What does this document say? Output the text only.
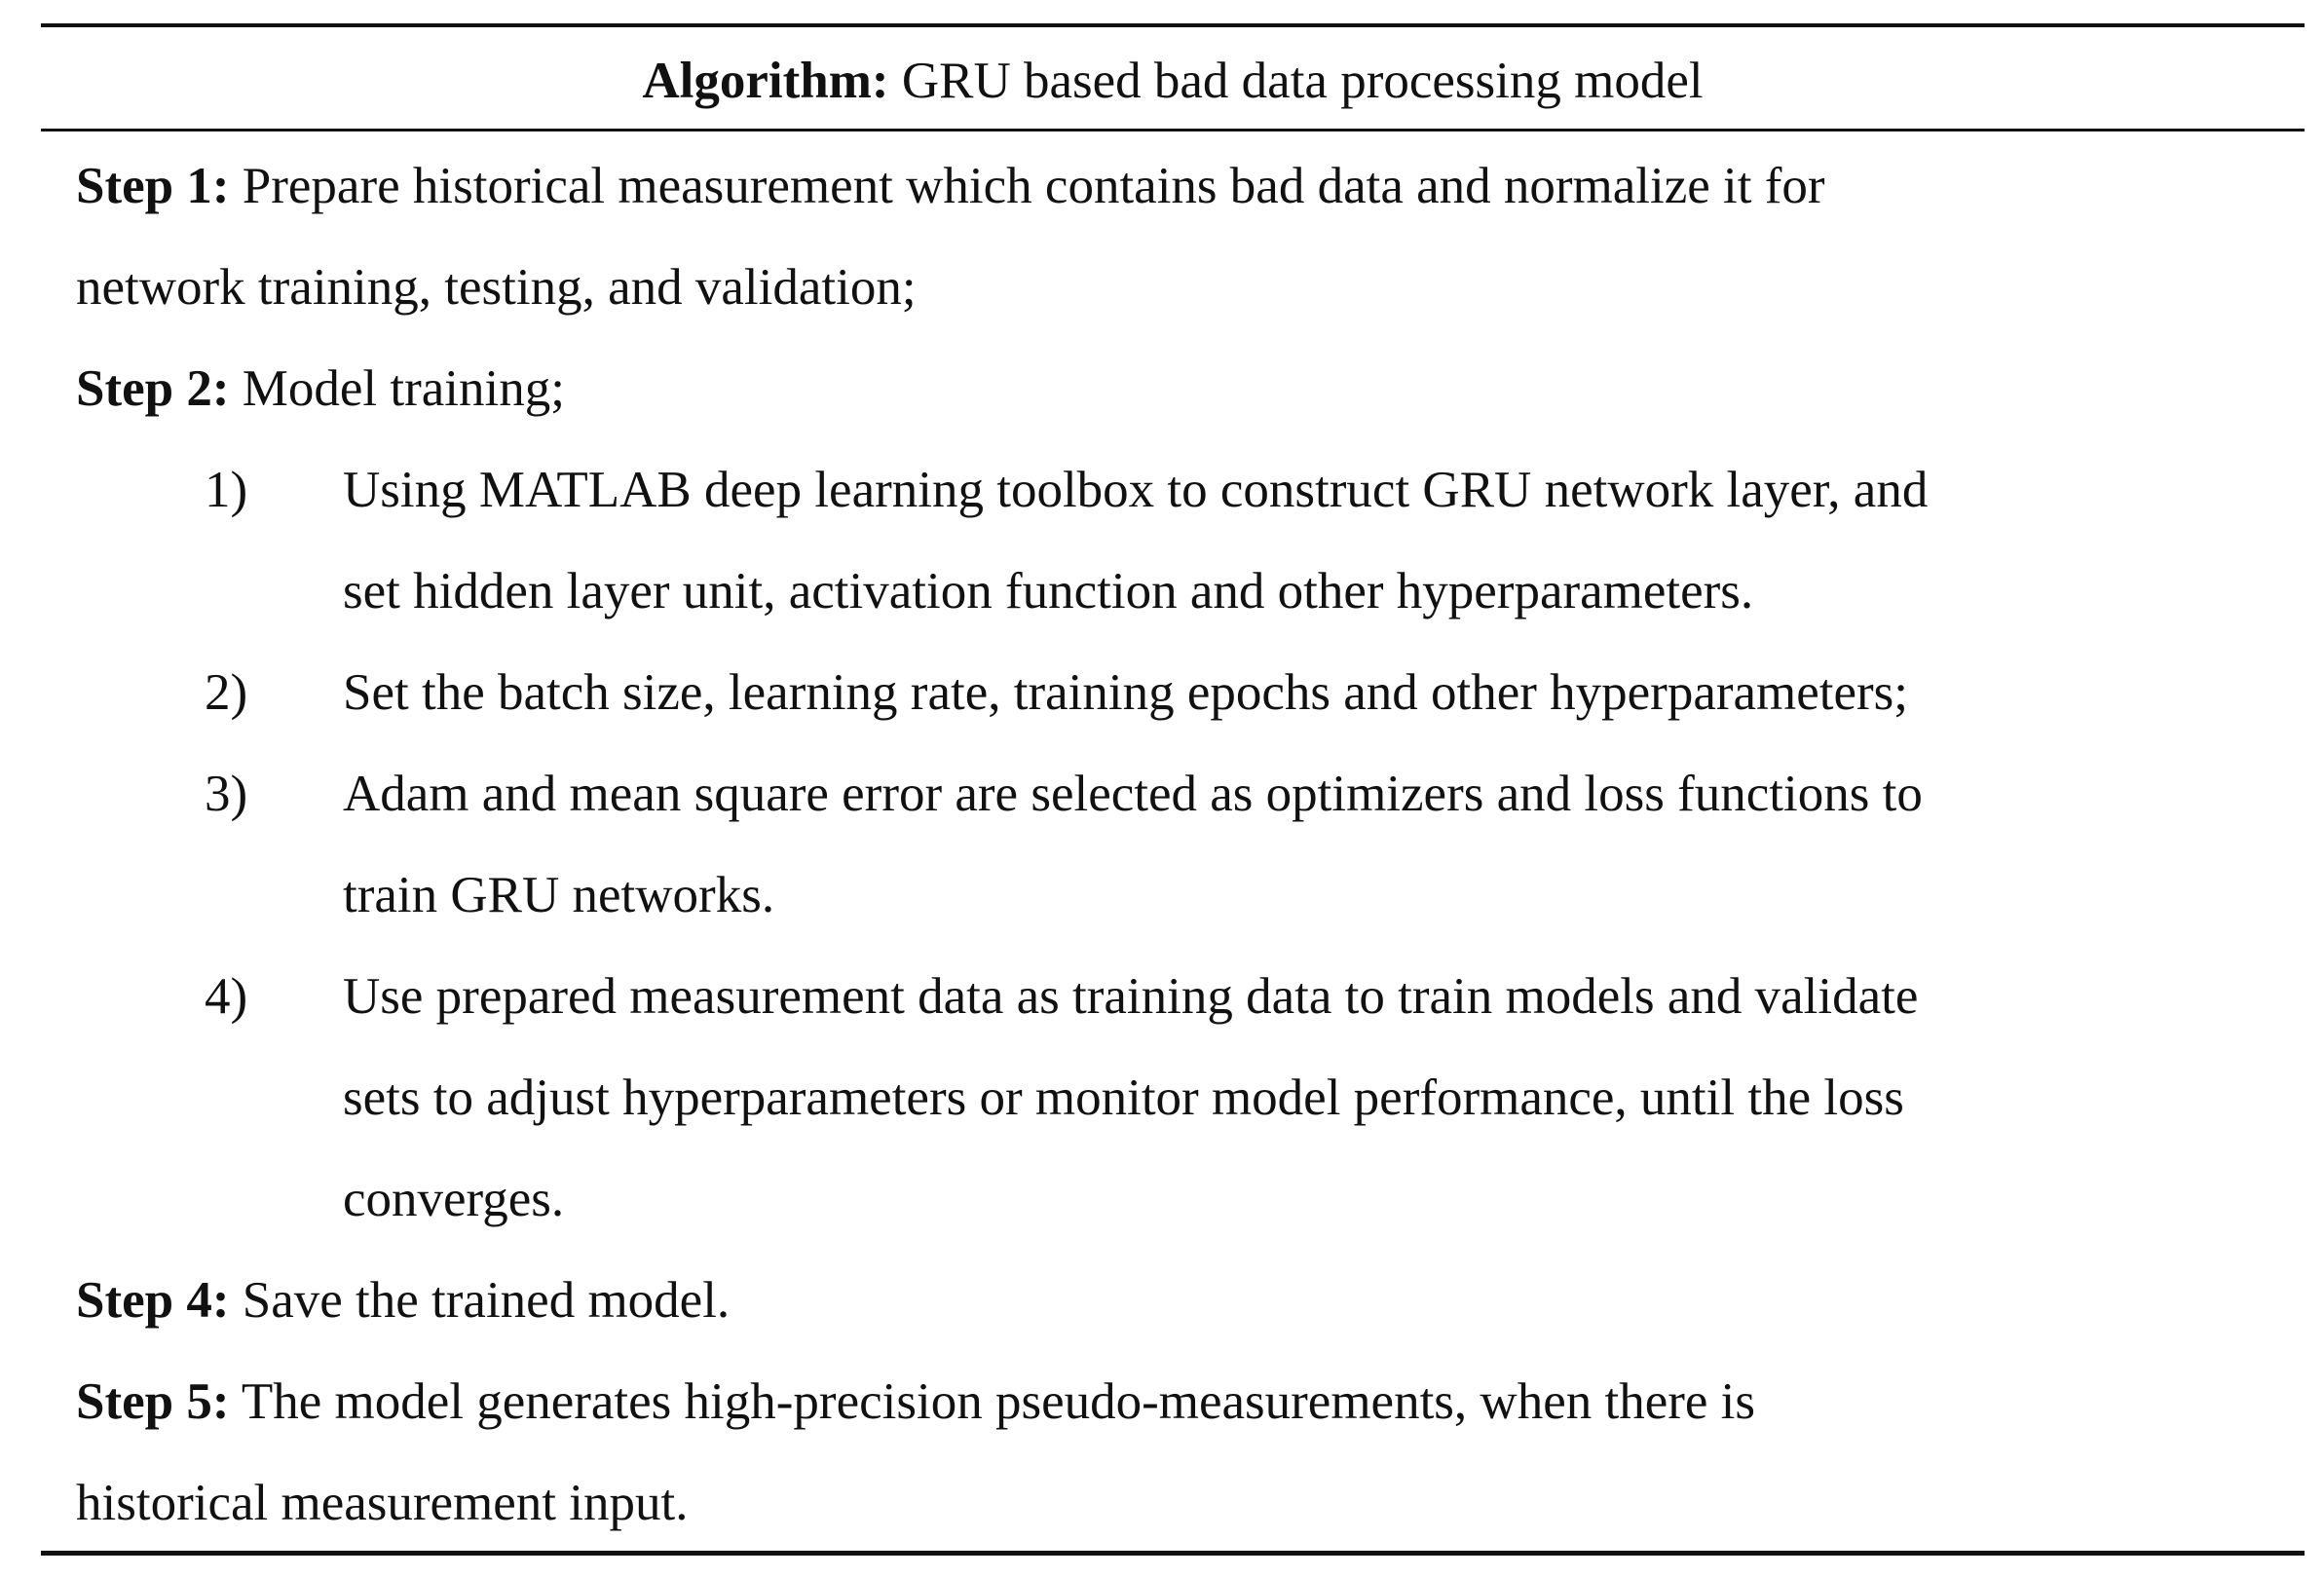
Algorithm: GRU based bad data processing model
Step 1: Prepare historical measurement which contains bad data and normalize it for
network training, testing, and validation;
Step 2: Model training;
1) Using MATLAB deep learning toolbox to construct GRU network layer, and
set hidden layer unit, activation function and other hyperparameters.
2) Set the batch size, learning rate, training epochs and other hyperparameters;
3) Adam and mean square error are selected as optimizers and loss functions to
train GRU networks.
4) Use prepared measurement data as training data to train models and validate
sets to adjust hyperparameters or monitor model performance, until the loss
converges.
Step 4: Save the trained model.
Step 5: The model generates high-precision pseudo-measurements, when there is
historical measurement input.
